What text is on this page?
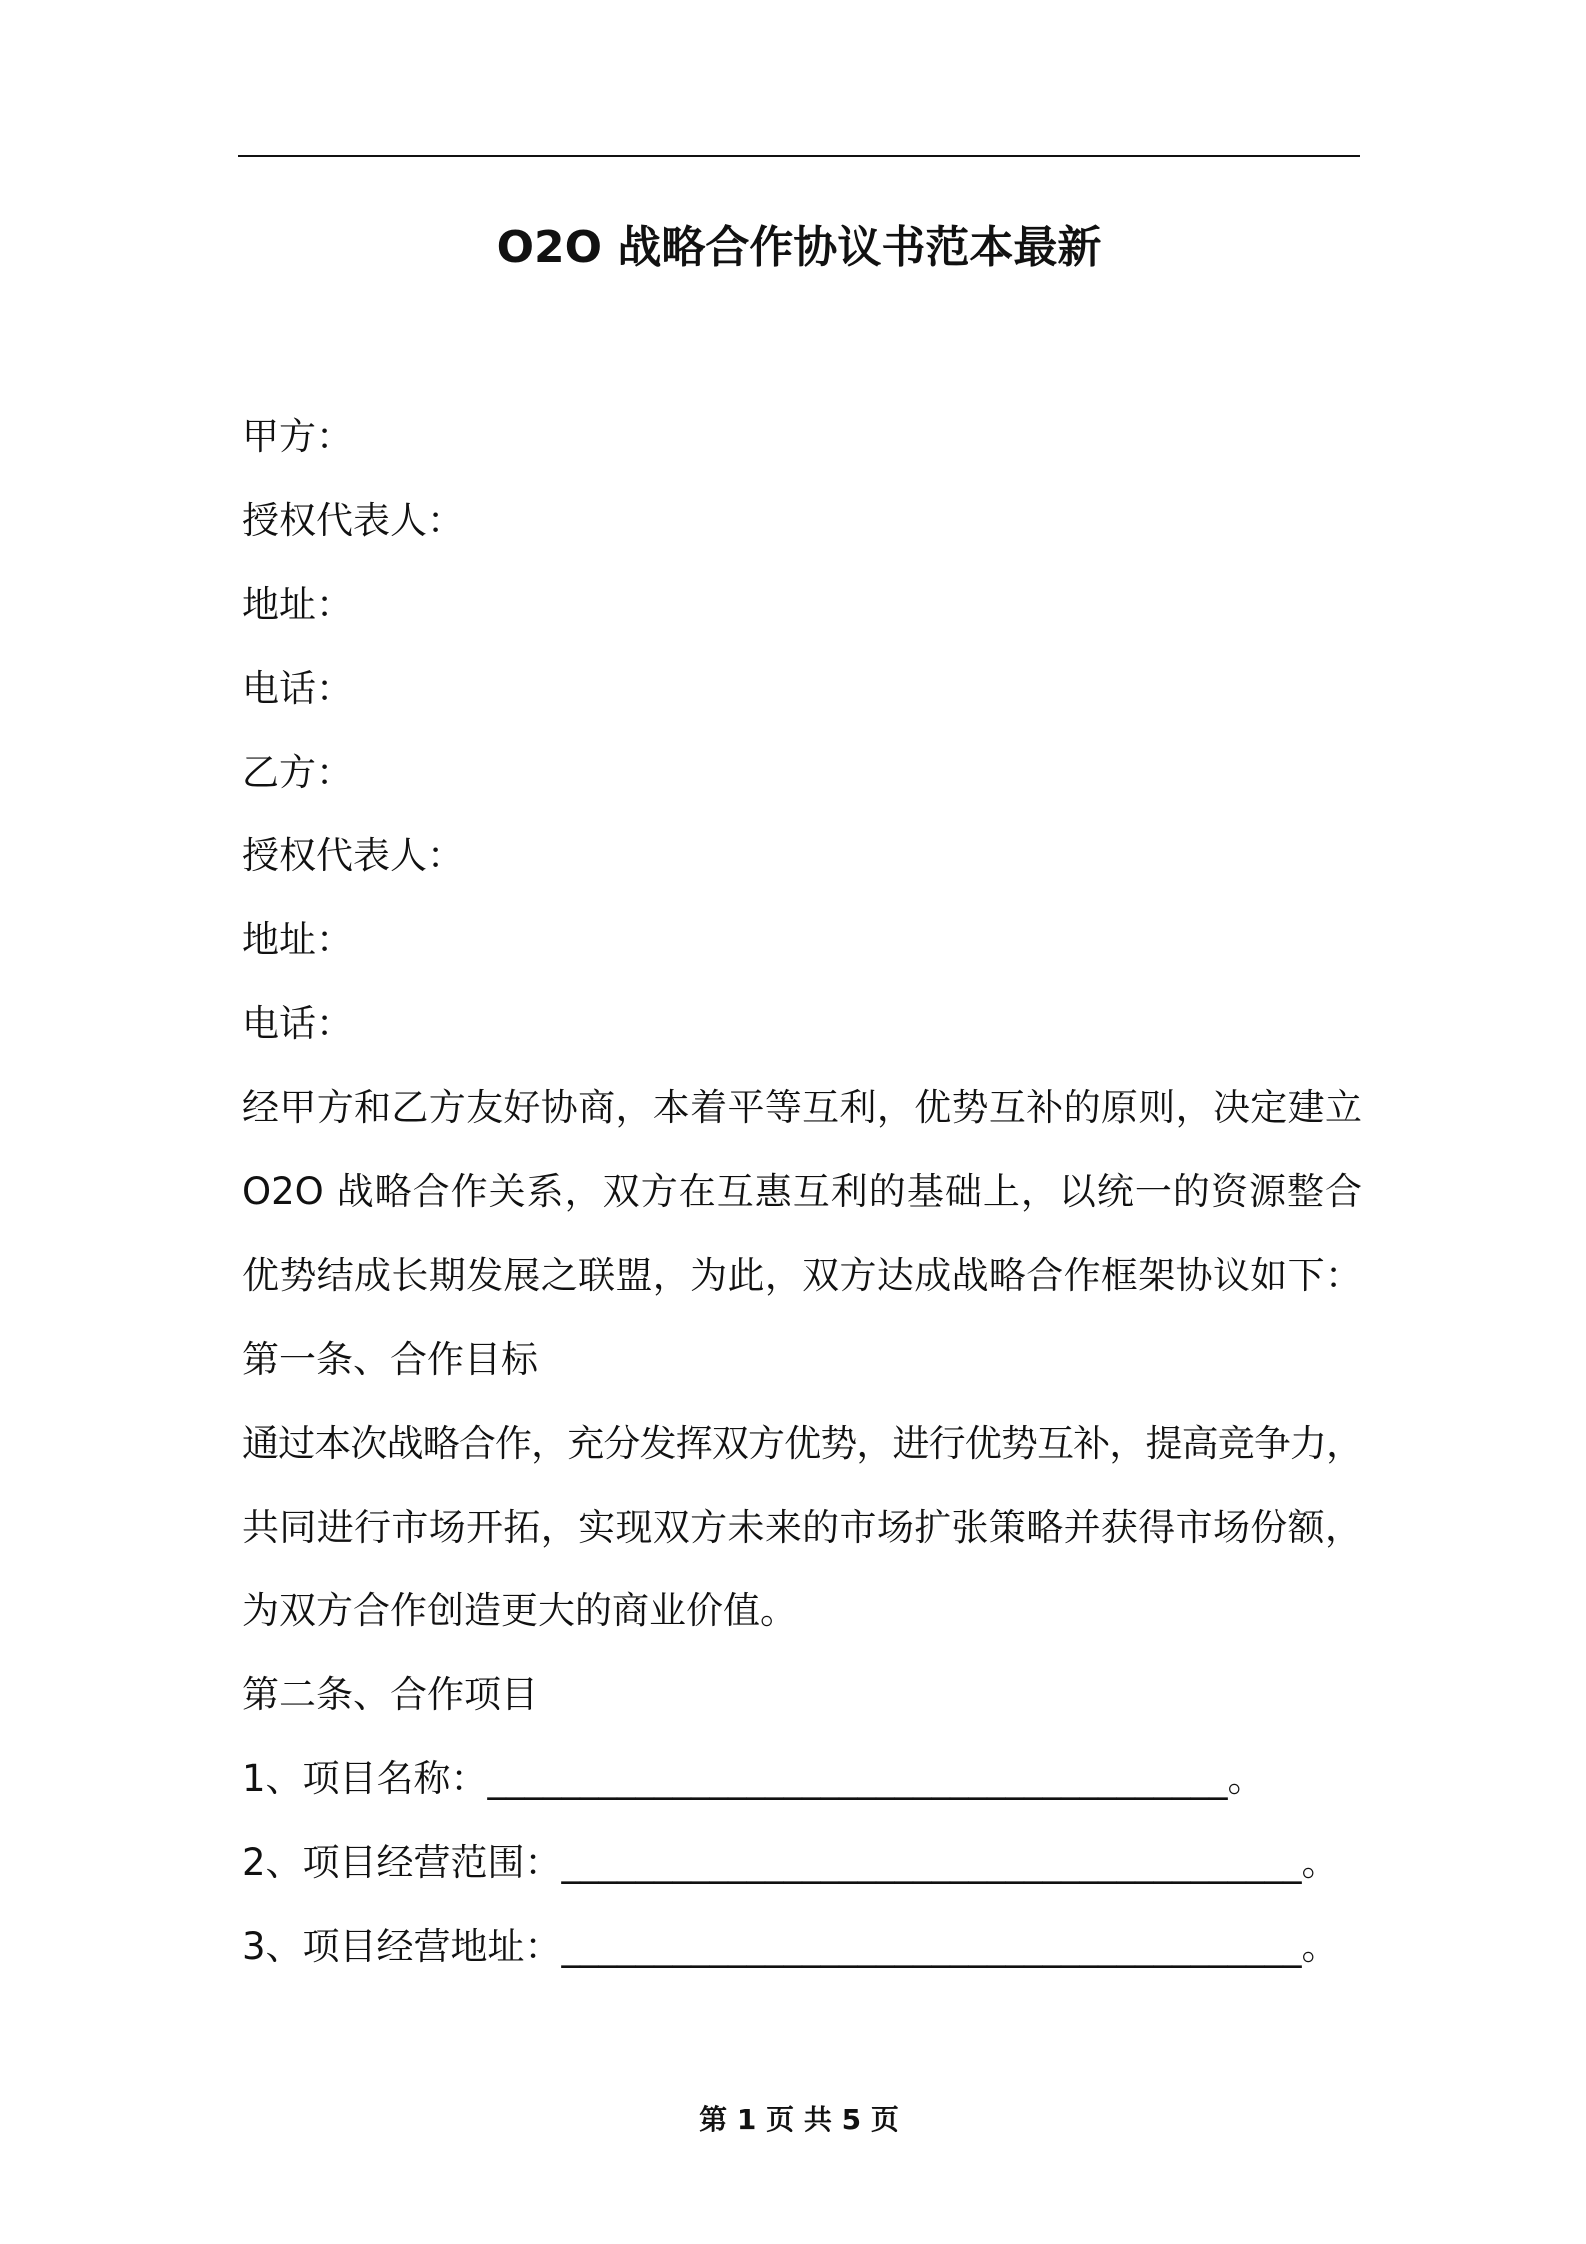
O2O 战略合作协议书范本最新
甲方：
授权代表人：
地址：
电话：
乙方：
授权代表人：
地址：
电话：
经甲方和乙方友好协商，本着平等互利，优势互补的原则，决定建立
O2O 战略合作关系，双方在互惠互利的基础上，以统一的资源整合
优势结成长期发展之联盟，为此，双方达成战略合作框架协议如下：
第一条、合作目标
通过本次战略合作，充分发挥双方优势，进行优势互补，提高竞争力，
共同进行市场开拓，实现双方未来的市场扩张策略并获得市场份额，
为双方合作创造更大的商业价值。
第二条、合作项目
1、项目名称：________________________________________。
2、项目经营范围：________________________________________。
3、项目经营地址：________________________________________。
第 1 页 共 5 页
